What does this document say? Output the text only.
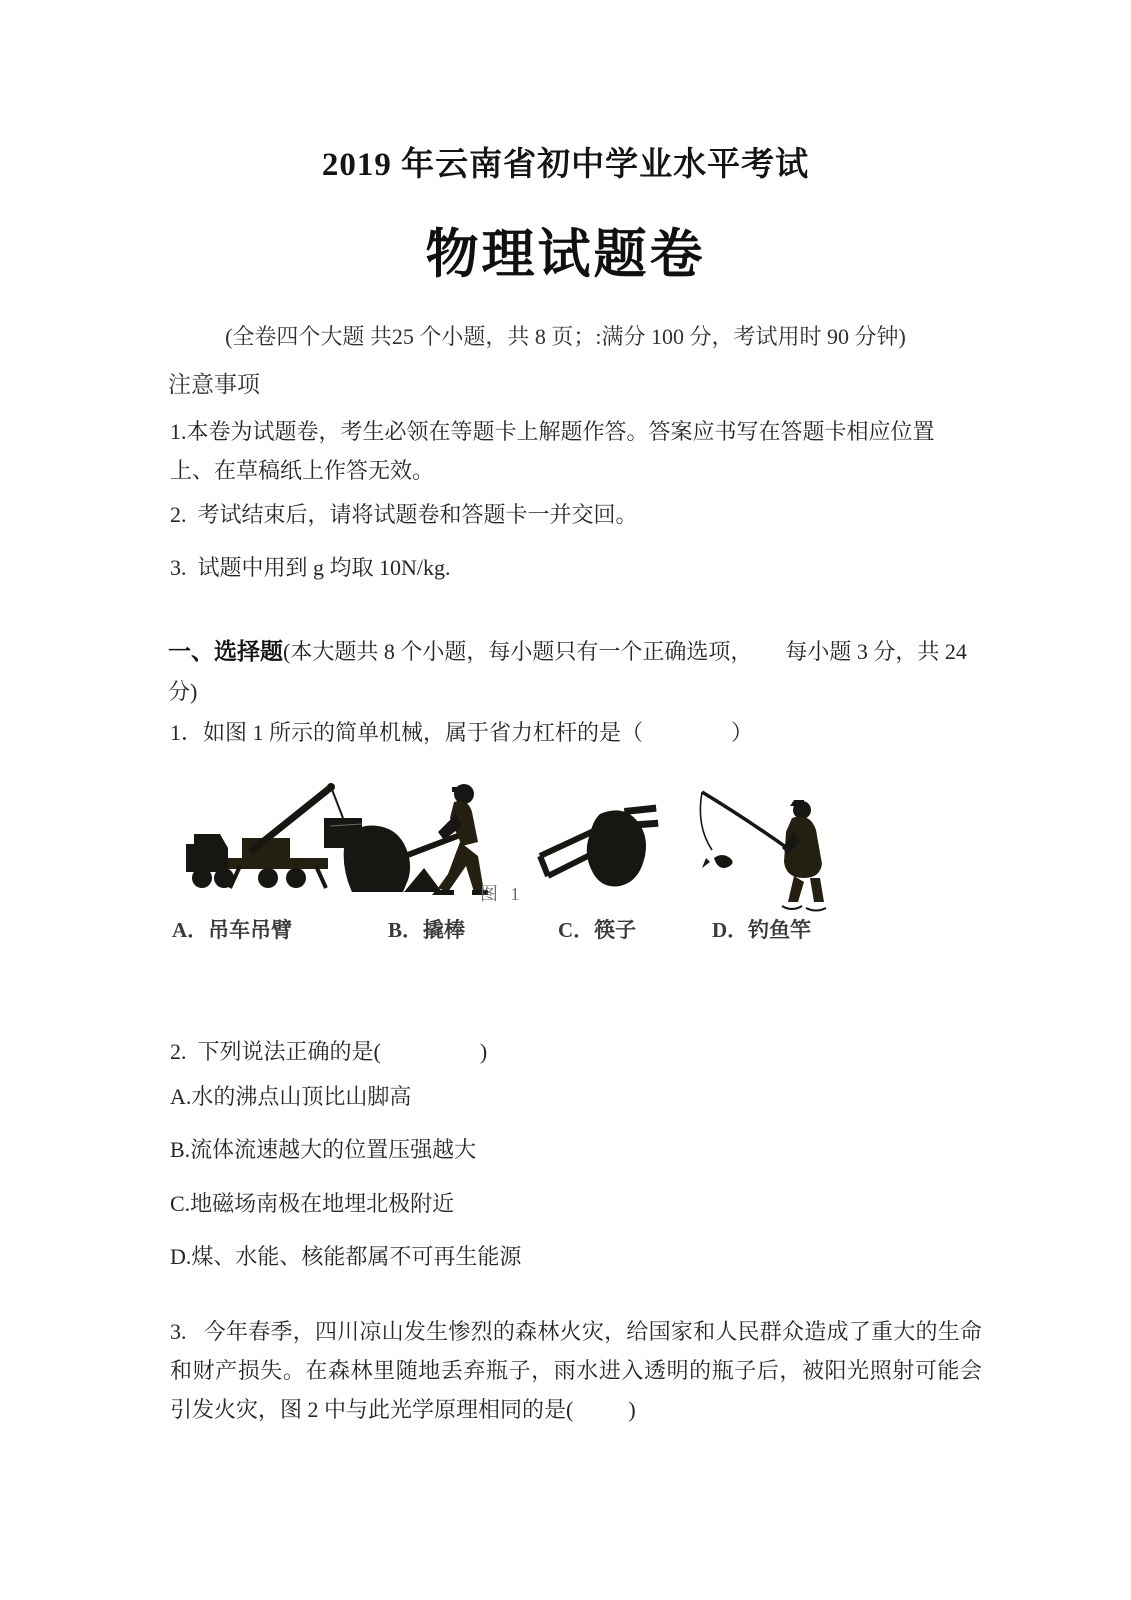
2019 年云南省初中学业水平考试
物理试题卷
(全卷四个大题 共25 个小题，共 8 页；:满分 100 分，考试用时 90 分钟)
注意事项
1.本卷为试题卷，考生必领在等题卡上解题作答。答案应书写在答题卡相应位置上、在草稿纸上作答无效。
2.  考试结束后，请将试题卷和答题卡一并交回。
3.  试题中用到 g 均取 10N/kg.
一、选择题(本大题共 8 个小题，每小题只有一个正确选项，　　每小题 3 分，共 24 分)
1．如图 1 所示的简单机械，属于省力杠杆的是（　　　　）
图 1
A．吊车吊臂	B．撬棒	C．筷子	D．钓鱼竿
2.  下列说法正确的是(                  )
A.水的沸点山顶比山脚高
B.流体流速越大的位置压强越大
C.地磁场南极在地埋北极附近
D.煤、水能、核能都属不可再生能源
3.   今年春季，四川凉山发生惨烈的森林火灾，给国家和人民群众造成了重大的生命和财产损失。在森林里随地丢弃瓶子，雨水进入透明的瓶子后，被阳光照射可能会引发火灾，图 2 中与此光学原理相同的是(          )
